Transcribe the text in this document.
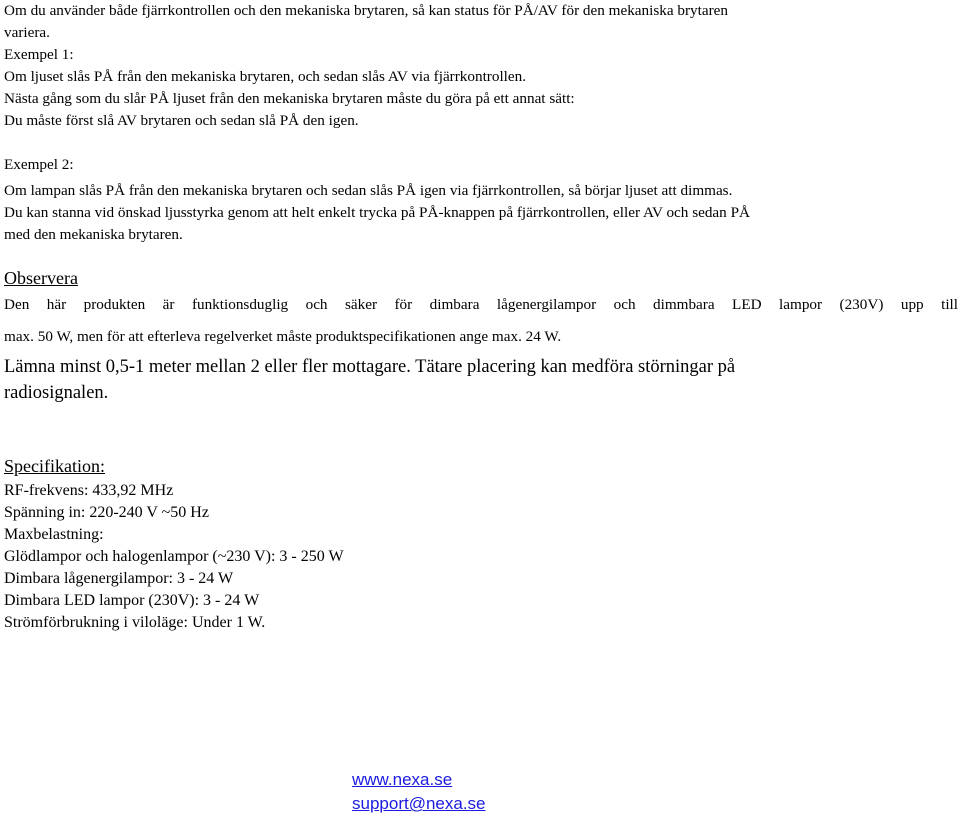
Om du använder både fjärrkontrollen och den mekaniska brytaren, så kan status för PÅ/AV för den mekaniska brytaren
variera.
Exempel 1:
Om ljuset slås PÅ från den mekaniska brytaren, och sedan slås AV via fjärrkontrollen.
Nästa gång som du slår PÅ ljuset från den mekaniska brytaren måste du göra på ett annat sätt:
Du måste först slå AV brytaren och sedan slå PÅ den igen.
Exempel 2:
Om lampan slås PÅ från den mekaniska brytaren och sedan slås PÅ igen via fjärrkontrollen, så börjar ljuset att dimmas.
Du kan stanna vid önskad ljusstyrka genom att helt enkelt trycka på PÅ-knappen på fjärrkontrollen, eller AV och sedan PÅ
med den mekaniska brytaren.
Observera
Den här produkten är funktionsduglig och säker för dimbara lågenergilampor och dimmbara LED lampor (230V) upp till
max. 50 W, men för att efterleva regelverket måste produktspecifikationen ange max. 24 W.
Lämna minst 0,5-1 meter mellan 2 eller fler mottagare. Tätare placering kan medföra störningar på
radiosignalen.
Specifikation:
RF-frekvens: 433,92 MHz
Spänning in: 220-240 V ~50 Hz
Maxbelastning:
Glödlampor och halogenlampor (~230 V): 3 - 250 W
Dimbara lågenergilampor: 3 - 24 W
Dimbara LED lampor (230V): 3 - 24 W
Strömförbrukning i viloläge: Under 1 W.
www.nexa.se
support@nexa.se
